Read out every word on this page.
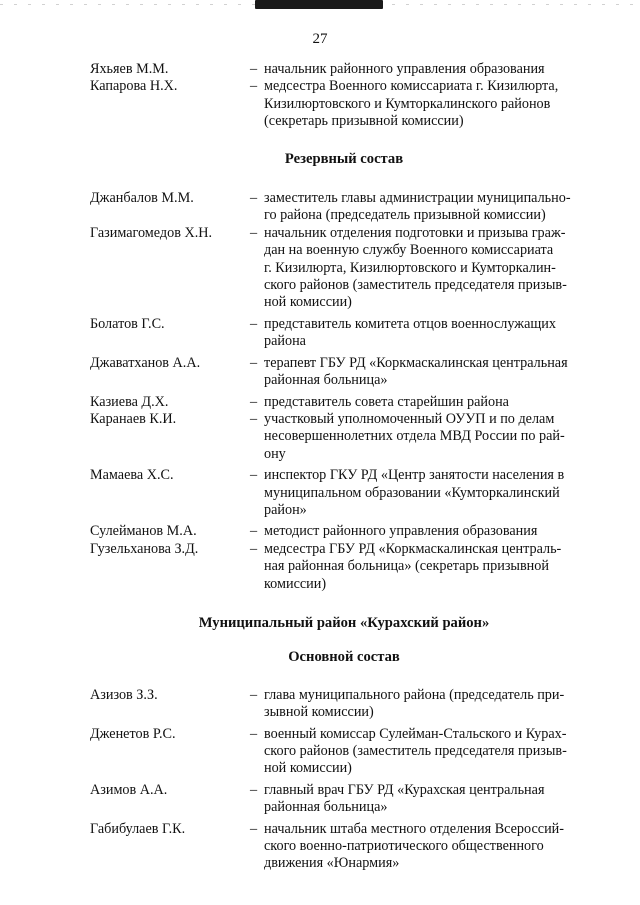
27
Яхьяев М.М.	– начальник районного управления образования
Капарова Н.Х.	– медсестра Военного комиссариата г. Кизилюрта,
Кизилюртовского и Кумторкалинского районов
(секретарь призывной комиссии)
Резервный состав
Джанбалов М.М.	– заместитель главы администрации муниципально-
го района (председатель призывной комиссии)
Газимагомедов Х.Н.	– начальник отделения подготовки и призыва граж-
дан на военную службу Военного комиссариата
г. Кизилюрта, Кизилюртовского и Кумторкалин-
ского районов (заместитель председателя призыв-
ной комиссии)
Болатов Г.С.	– представитель комитета отцов военнослужащих
района
Джаватханов А.А.	– терапевт ГБУ РД «Коркмаскалинская центральная
районная больница»
Казиева Д.Х.	– представитель совета старейшин района
Каранаев К.И.	– участковый уполномоченный ОУУП и по делам
несовершеннолетних отдела МВД России по рай-
ону
Мамаева Х.С.	– инспектор ГКУ РД «Центр занятости населения в
муниципальном образовании «Кумторкалинский
район»
Сулейманов М.А.	– методист районного управления образования
Гузельханова З.Д.	– медсестра ГБУ РД «Коркмаскалинская централь-
ная районная больница» (секретарь призывной
комиссии)
Муниципальный район «Курахский район»
Основной состав
Азизов З.З.	– глава муниципального района (председатель при-
зывной комиссии)
Дженетов Р.С.	– военный комиссар Сулейман-Стальского и Курах-
ского районов (заместитель председателя призыв-
ной комиссии)
Азимов А.А.	– главный врач ГБУ РД «Курахская центральная
районная больница»
Габибулаев Г.К.	– начальник штаба местного отделения Всероссий-
ского военно-патриотического общественного
движения «Юнармия»
